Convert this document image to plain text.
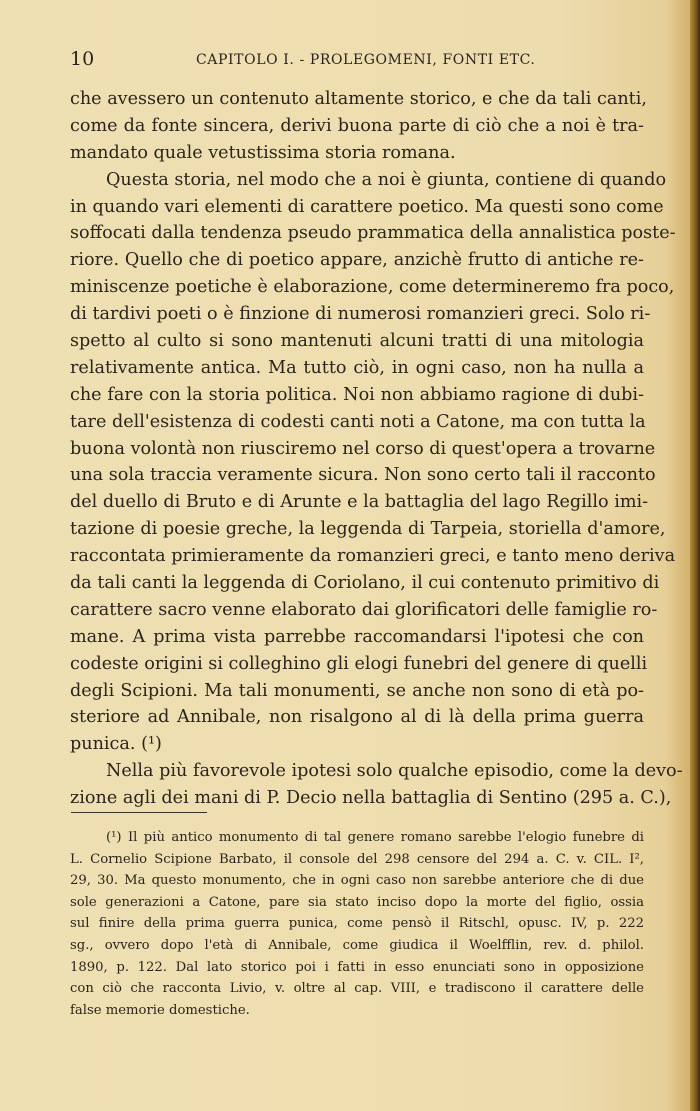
10	CAPITOLO I. - PROLEGOMENI, FONTI ETC.
che avessero un contenuto altamente storico, e che da tali canti,
come da fonte sincera, derivi buona parte di ciò che a noi è tra-
mandato quale vetustissima storia romana.
Questa storia, nel modo che a noi è giunta, contiene di quando
in quando vari elementi di carattere poetico. Ma questi sono come
soffocati dalla tendenza pseudo prammatica della annalistica poste-
riore. Quello che di poetico appare, anzichè frutto di antiche re-
miniscenze poetiche è elaborazione, come determineremo fra poco,
di tardivi poeti o è finzione di numerosi romanzieri greci. Solo ri-
spetto al culto si sono mantenuti alcuni tratti di una mitologia
relativamente antica. Ma tutto ciò, in ogni caso, non ha nulla a
che fare con la storia politica. Noi non abbiamo ragione di dubi-
tare dell'esistenza di codesti canti noti a Catone, ma con tutta la
buona volontà non riusciremo nel corso di quest'opera a trovarne
una sola traccia veramente sicura. Non sono certo tali il racconto
del duello di Bruto e di Arunte e la battaglia del lago Regillo imi-
tazione di poesie greche, la leggenda di Tarpeia, storiella d'amore,
raccontata primieramente da romanzieri greci, e tanto meno deriva
da tali canti la leggenda di Coriolano, il cui contenuto primitivo di
carattere sacro venne elaborato dai glorificatori delle famiglie ro-
mane. A prima vista parrebbe raccomandarsi l'ipotesi che con
codeste origini si colleghino gli elogi funebri del genere di quelli
degli Scipioni. Ma tali monumenti, se anche non sono di età po-
steriore ad Annibale, non risalgono al di là della prima guerra
punica. (¹)
Nella più favorevole ipotesi solo qualche episodio, come la devo-
zione agli dei mani di P. Decio nella battaglia di Sentino (295 a. C.),
(¹) Il più antico monumento di tal genere romano sarebbe l'elogio funebre di
L. Cornelio Scipione Barbato, il console del 298 censore del 294 a. C. v. CIL. I²,
29, 30. Ma questo monumento, che in ogni caso non sarebbe anteriore che di due
sole generazioni a Catone, pare sia stato inciso dopo la morte del figlio, ossia
sul finire della prima guerra punica, come pensò il Ritschl, opusc. IV, p. 222
sg., ovvero dopo l'età di Annibale, come giudica il Woelfflin, rev. d. philol.
1890, p. 122. Dal lato storico poi i fatti in esso enunciati sono in opposizione
con ciò che racconta Livio, v. oltre al cap. VIII, e tradiscono il carattere delle
false memorie domestiche.
